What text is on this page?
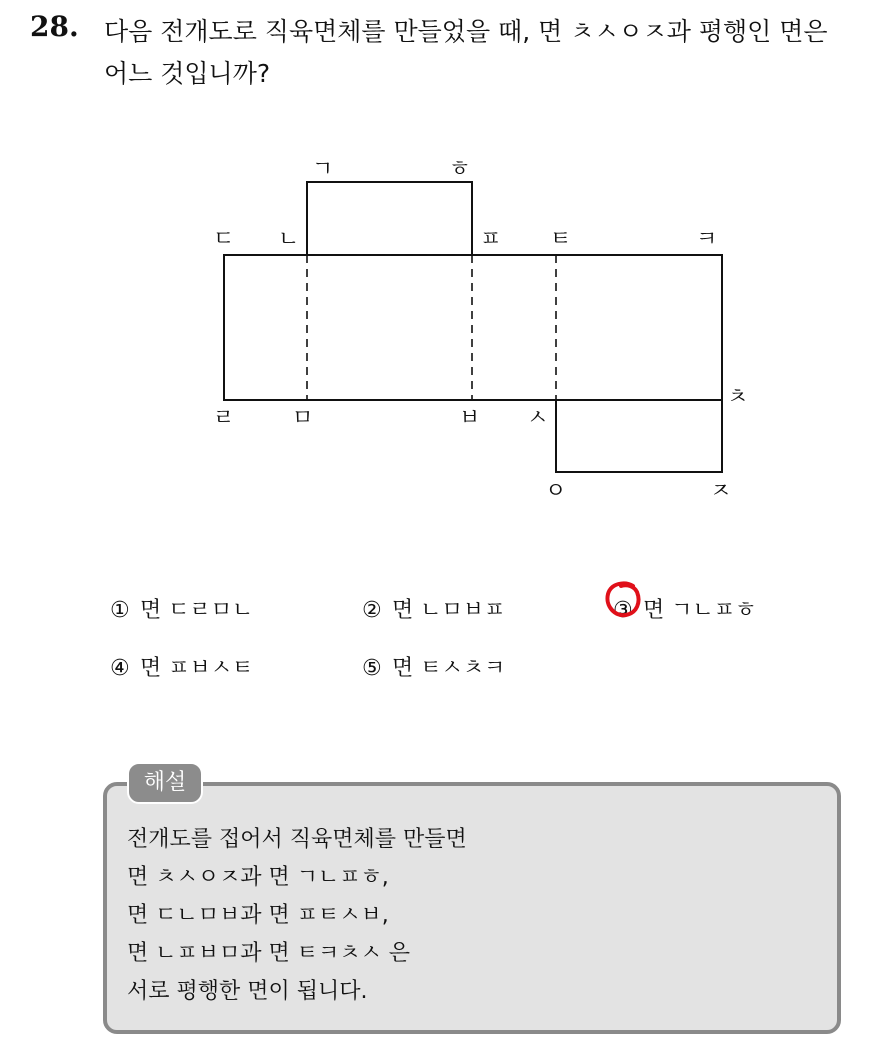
28. 다음 전개도로 직육면체를 만들었을 때, 면 ㅊㅅㅇㅈ과 평행인 면은
어느 것입니까?
ㄱ	ㅎ
ㄷ ㄴ	ㅍ ㅌ	ㅋ
ㄹ	ㅁ	ㅂ ㅅ
ㅊ
ㅇ	ㅈ
① 면 ㄷㄹㅁㄴ	② 면 ㄴㅁㅂㅍ	③ 면 ㄱㄴㅍㅎ
④ 면 ㅍㅂㅅㅌ	⑤ 면 ㅌㅅㅊㅋ
해설
전개도를 접어서 직육면체를 만들면
면 ㅊㅅㅇㅈ과 면 ㄱㄴㅍㅎ,
면 ㄷㄴㅁㅂ과 면 ㅍㅌㅅㅂ,
면 ㄴㅍㅂㅁ과 면 ㅌㅋㅊㅅ 은
서로 평행한 면이 됩니다.
